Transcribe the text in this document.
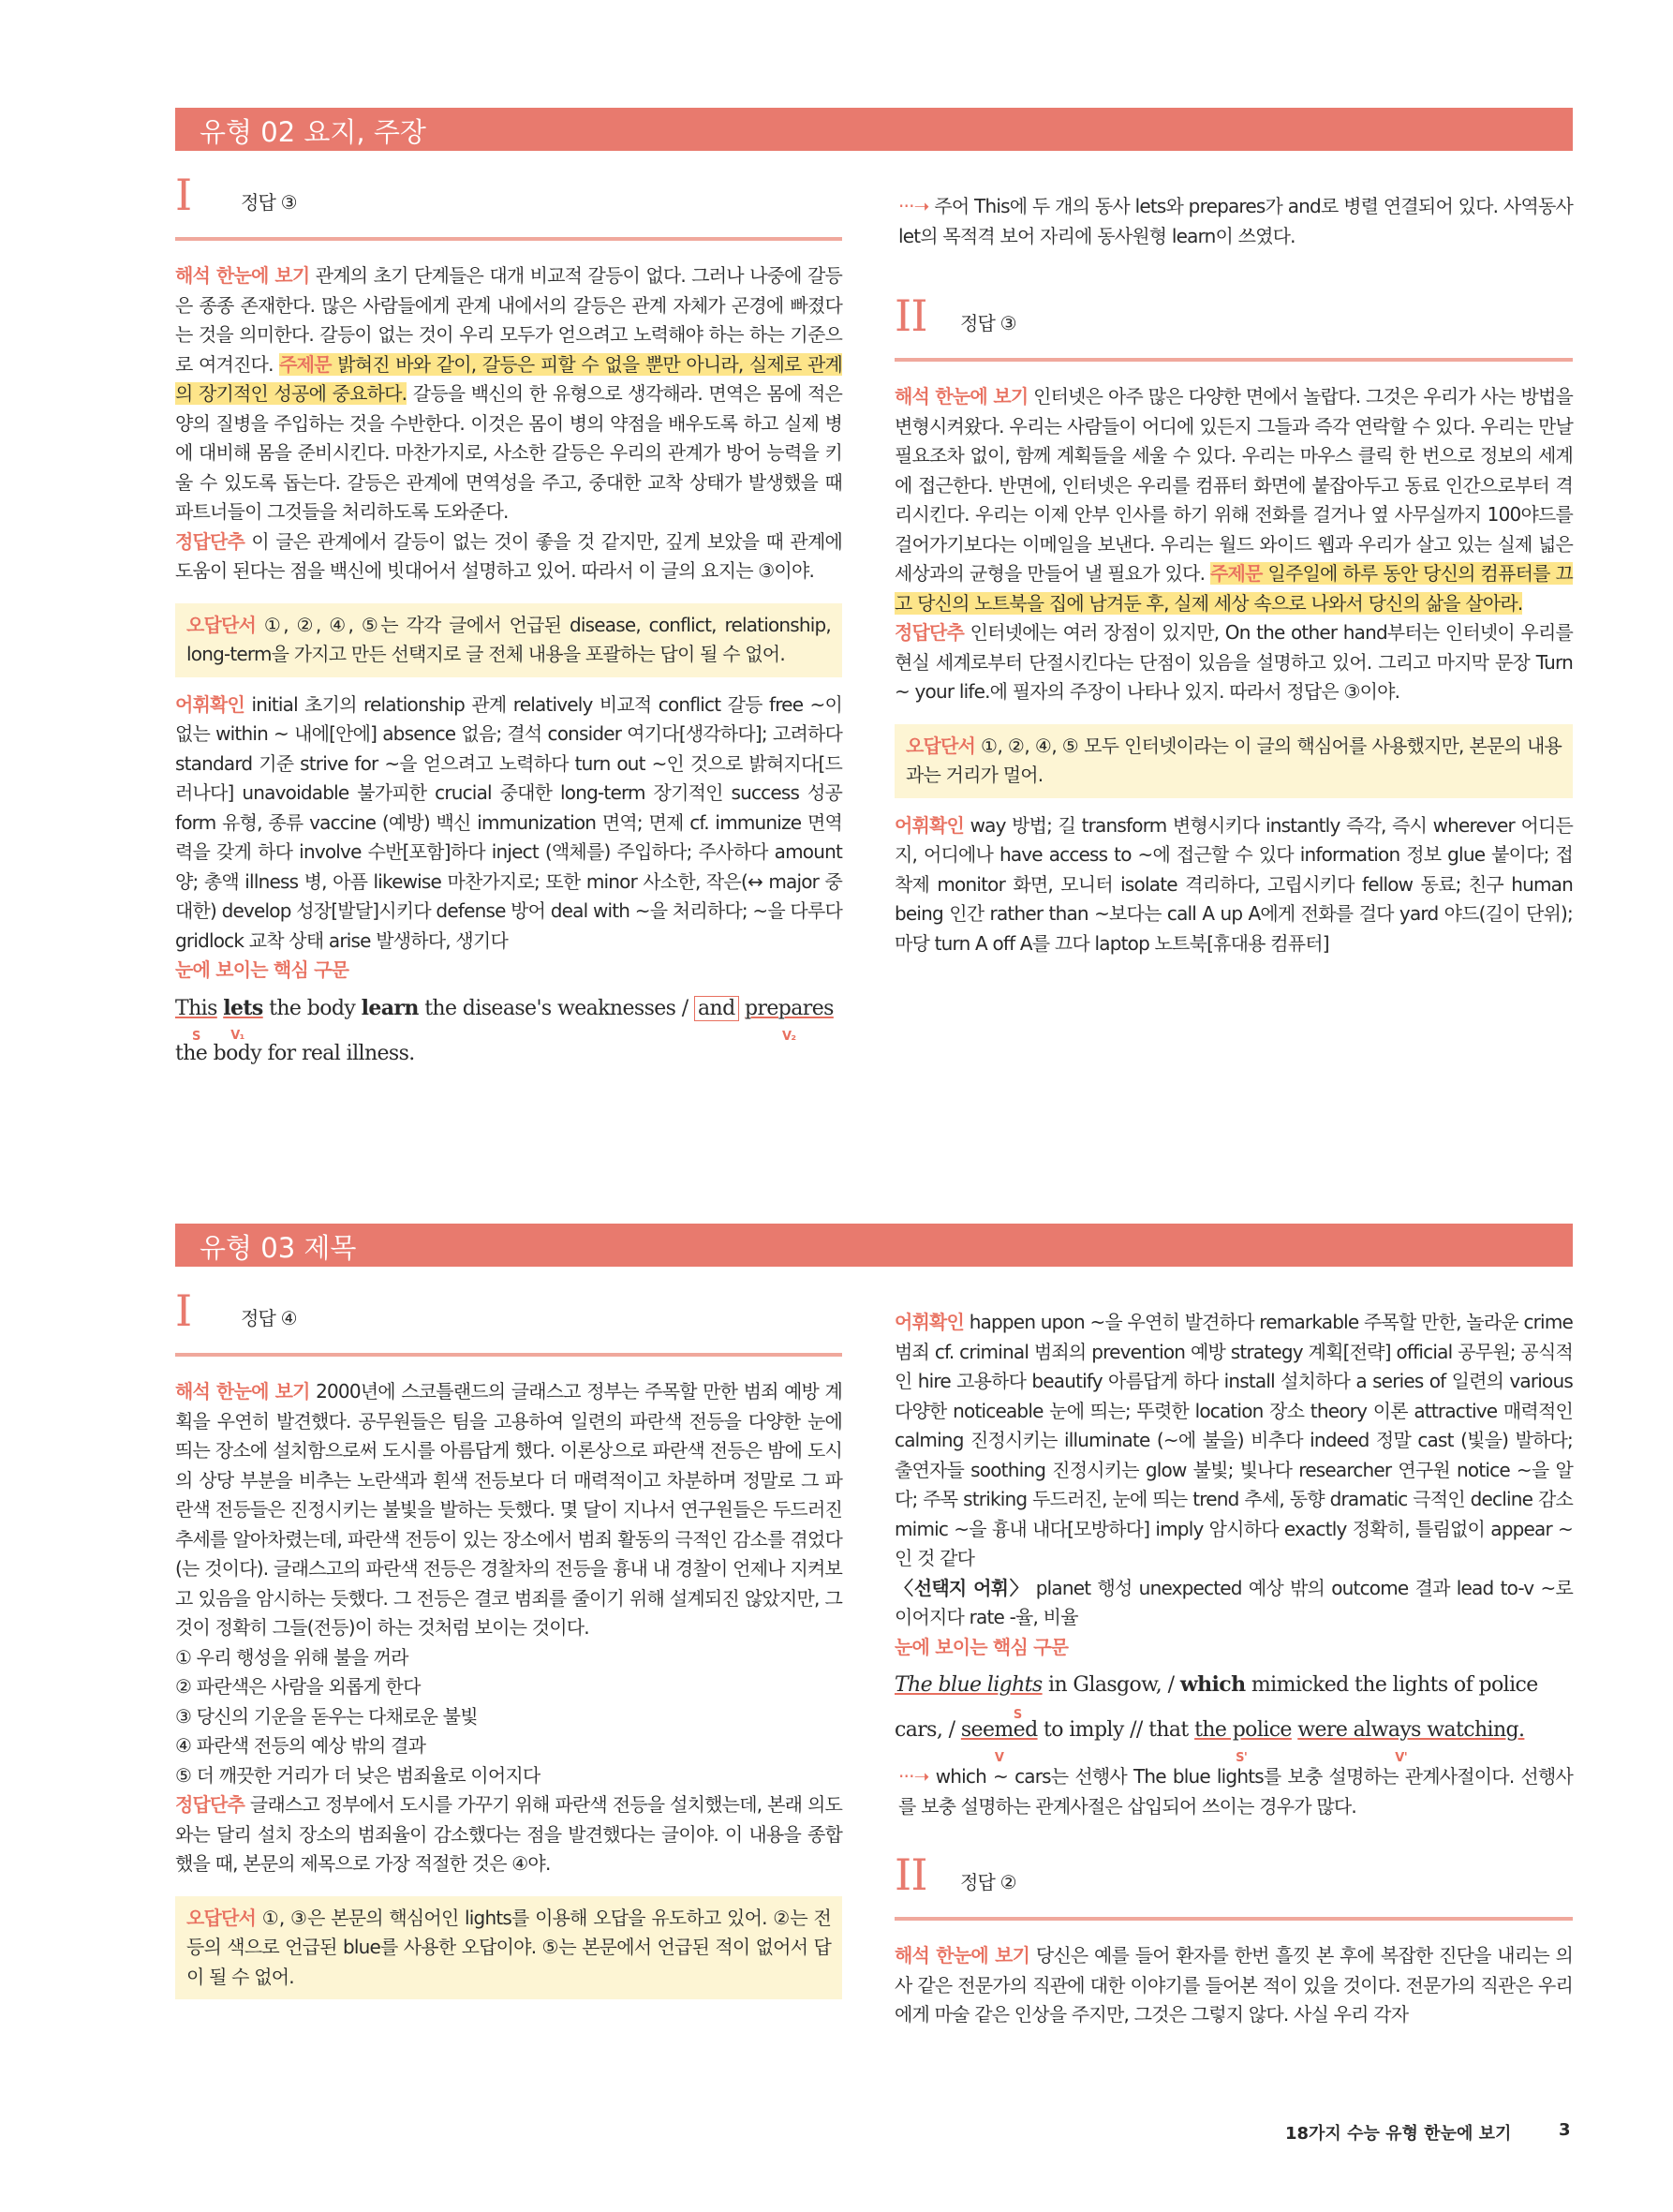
유형 02 요지, 주장
I	정답 ③

해석 한눈에 보기 관계의 초기 단계들은 대개 비교적 갈등이 없다. 그러나 나중에 갈등은 종종 존재한다. 많은 사람들에게 관계 내에서의 갈등은 관계 자체가 곤경에 빠졌다는 것을 의미한다. 갈등이 없는 것이 우리 모두가 얻으려고 노력해야 하는 하는 기준으로 여겨진다. 주제문 밝혀진 바와 같이, 갈등은 피할 수 없을 뿐만 아니라, 실제로 관계의 장기적인 성공에 중요하다. 갈등을 백신의 한 유형으로 생각해라. 면역은 몸에 적은 양의 질병을 주입하는 것을 수반한다. 이것은 몸이 병의 약점을 배우도록 하고 실제 병에 대비해 몸을 준비시킨다. 마찬가지로, 사소한 갈등은 우리의 관계가 방어 능력을 키울 수 있도록 돕는다. 갈등은 관계에 면역성을 주고, 중대한 교착 상태가 발생했을 때 파트너들이 그것들을 처리하도록 도와준다.

정답단추 이 글은 관계에서 갈등이 없는 것이 좋을 것 같지만, 깊게 보았을 때 관계에 도움이 된다는 점을 백신에 빗대어서 설명하고 있어. 따라서 이 글의 요지는 ③이야.

오답단서 ①, ②, ④, ⑤는 각각 글에서 언급된 disease, conflict, relationship, long-term을 가지고 만든 선택지로 글 전체 내용을 포괄하는 답이 될 수 없어.

어휘확인 initial 초기의 relationship 관계 relatively 비교적 conflict 갈등 free ~이 없는 within ~ 내에[안에] absence 없음; 결석 consider 여기다[생각하다]; 고려하다 standard 기준 strive for ~을 얻으려고 노력하다 turn out ~인 것으로 밝혀지다[드러나다] unavoidable 불가피한 crucial 중대한 long-term 장기적인 success 성공 form 유형, 종류 vaccine (예방) 백신 immunization 면역; 면제 cf. immunize 면역력을 갖게 하다 involve 수반[포함]하다 inject (액체를) 주입하다; 주사하다 amount 양; 총액 illness 병, 아픔 likewise 마찬가지로; 또한 minor 사소한, 작은(↔ major 중대한) develop 성장[발달]시키다 defense 방어 deal with ~을 처리하다; ~을 다루다 gridlock 교착 상태 arise 발생하다, 생기다

눈에 보이는 핵심 구문

This
S
lets
V₁
the body learn the disease's weaknesses / and prepares
V₂

the body for real illness.

···➝ 주어 This에 두 개의 동사 lets와 prepares가 and로 병렬 연결되어 있다. 사역동사 let의 목적격 보어 자리에 동사원형 learn이 쓰였다.

II 정답 ③

해석 한눈에 보기 인터넷은 아주 많은 다양한 면에서 놀랍다. 그것은 우리가 사는 방법을 변형시켜왔다. 우리는 사람들이 어디에 있든지 그들과 즉각 연락할 수 있다. 우리는 만날 필요조차 없이, 함께 계획들을 세울 수 있다. 우리는 마우스 클릭 한 번으로 정보의 세계에 접근한다. 반면에, 인터넷은 우리를 컴퓨터 화면에 붙잡아두고 동료 인간으로부터 격리시킨다. 우리는 이제 안부 인사를 하기 위해 전화를 걸거나 옆 사무실까지 100야드를 걸어가기보다는 이메일을 보낸다. 우리는 월드 와이드 웹과 우리가 살고 있는 실제 넓은 세상과의 균형을 만들어 낼 필요가 있다. 주제문 일주일에 하루 동안 당신의 컴퓨터를 끄고 당신의 노트북을 집에 남겨둔 후, 실제 세상 속으로 나와서 당신의 삶을 살아라.

정답단추 인터넷에는 여러 장점이 있지만, On the other hand부터는 인터넷이 우리를 현실 세계로부터 단절시킨다는 단점이 있음을 설명하고 있어. 그리고 마지막 문장 Turn ~ your life.에 필자의 주장이 나타나 있지. 따라서 정답은 ③이야.

오답단서 ①, ②, ④, ⑤ 모두 인터넷이라는 이 글의 핵심어를 사용했지만, 본문의 내용과는 거리가 멀어.

어휘확인 way 방법; 길 transform 변형시키다 instantly 즉각, 즉시 wherever 어디든지, 어디에나 have access to ~에 접근할 수 있다 information 정보 glue 붙이다; 접착제 monitor 화면, 모니터 isolate 격리하다, 고립시키다 fellow 동료; 친구 human being 인간 rather than ~보다는 call A up A에게 전화를 걸다 yard 야드(길이 단위); 마당 turn A off A를 끄다 laptop 노트북[휴대용 컴퓨터]

유형 03 제목
I	정답 ④

해석 한눈에 보기 2000년에 스코틀랜드의 글래스고 정부는 주목할 만한 범죄 예방 계획을 우연히 발견했다. 공무원들은 팀을 고용하여 일련의 파란색 전등을 다양한 눈에 띄는 장소에 설치함으로써 도시를 아름답게 했다. 이론상으로 파란색 전등은 밤에 도시의 상당 부분을 비추는 노란색과 흰색 전등보다 더 매력적이고 차분하며 정말로 그 파란색 전등들은 진정시키는 불빛을 발하는 듯했다. 몇 달이 지나서 연구원들은 두드러진 추세를 알아차렸는데, 파란색 전등이 있는 장소에서 범죄 활동의 극적인 감소를 겪었다(는 것이다). 글래스고의 파란색 전등은 경찰차의 전등을 흉내 내 경찰이 언제나 지켜보고 있음을 암시하는 듯했다. 그 전등은 결코 범죄를 줄이기 위해 설계되진 않았지만, 그것이 정확히 그들(전등)이 하는 것처럼 보이는 것이다.

① 우리 행성을 위해 불을 꺼라
② 파란색은 사람을 외롭게 한다
③ 당신의 기운을 돋우는 다채로운 불빛
④ 파란색 전등의 예상 밖의 결과
⑤ 더 깨끗한 거리가 더 낮은 범죄율로 이어지다

정답단추 글래스고 정부에서 도시를 가꾸기 위해 파란색 전등을 설치했는데, 본래 의도와는 달리 설치 장소의 범죄율이 감소했다는 점을 발견했다는 글이야. 이 내용을 종합했을 때, 본문의 제목으로 가장 적절한 것은 ④야.

오답단서 ①, ③은 본문의 핵심어인 lights를 이용해 오답을 유도하고 있어. ②는 전등의 색으로 언급된 blue를 사용한 오답이야. ⑤는 본문에서 언급된 적이 없어서 답이 될 수 없어.

어휘확인 happen upon ~을 우연히 발견하다 remarkable 주목할 만한, 놀라운 crime 범죄 cf. criminal 범죄의 prevention 예방 strategy 계획[전략] official 공무원; 공식적인 hire 고용하다 beautify 아름답게 하다 install 설치하다 a series of 일련의 various 다양한 noticeable 눈에 띄는; 뚜렷한 location 장소 theory 이론 attractive 매력적인 calming 진정시키는 illuminate (~에 불을) 비추다 indeed 정말 cast (빛을) 발하다; 출연자들 soothing 진정시키는 glow 불빛; 빛나다 researcher 연구원 notice ~을 알다; 주목 striking 두드러진, 눈에 띄는 trend 추세, 동향 dramatic 극적인 decline 감소 mimic ~을 흉내 내다[모방하다] imply 암시하다 exactly 정확히, 틀림없이 appear ~인 것 같다

〈선택지 어휘〉 planet 행성 unexpected 예상 밖의 outcome 결과 lead to-v ~로 이어지다 rate -율, 비율

눈에 보이는 핵심 구문

The blue lights in Glasgow, / which mimicked the lights of police
cars, / seemed
S
V
to imply // that the police
S'
were always watching.
V'

···➝ which ~ cars는 선행사 The blue lights를 보충 설명하는 관계사절이다. 선행사를 보충 설명하는 관계사절은 삽입되어 쓰이는 경우가 많다.

II 정답 ②

해석 한눈에 보기 당신은 예를 들어 환자를 한번 흘낏 본 후에 복잡한 진단을 내리는 의사 같은 전문가의 직관에 대한 이야기를 들어본 적이 있을 것이다. 전문가의 직관은 우리에게 마술 같은 인상을 주지만, 그것은 그렇지 않다. 사실 우리 각자

18가지 수능 유형 한눈에 보기	3
